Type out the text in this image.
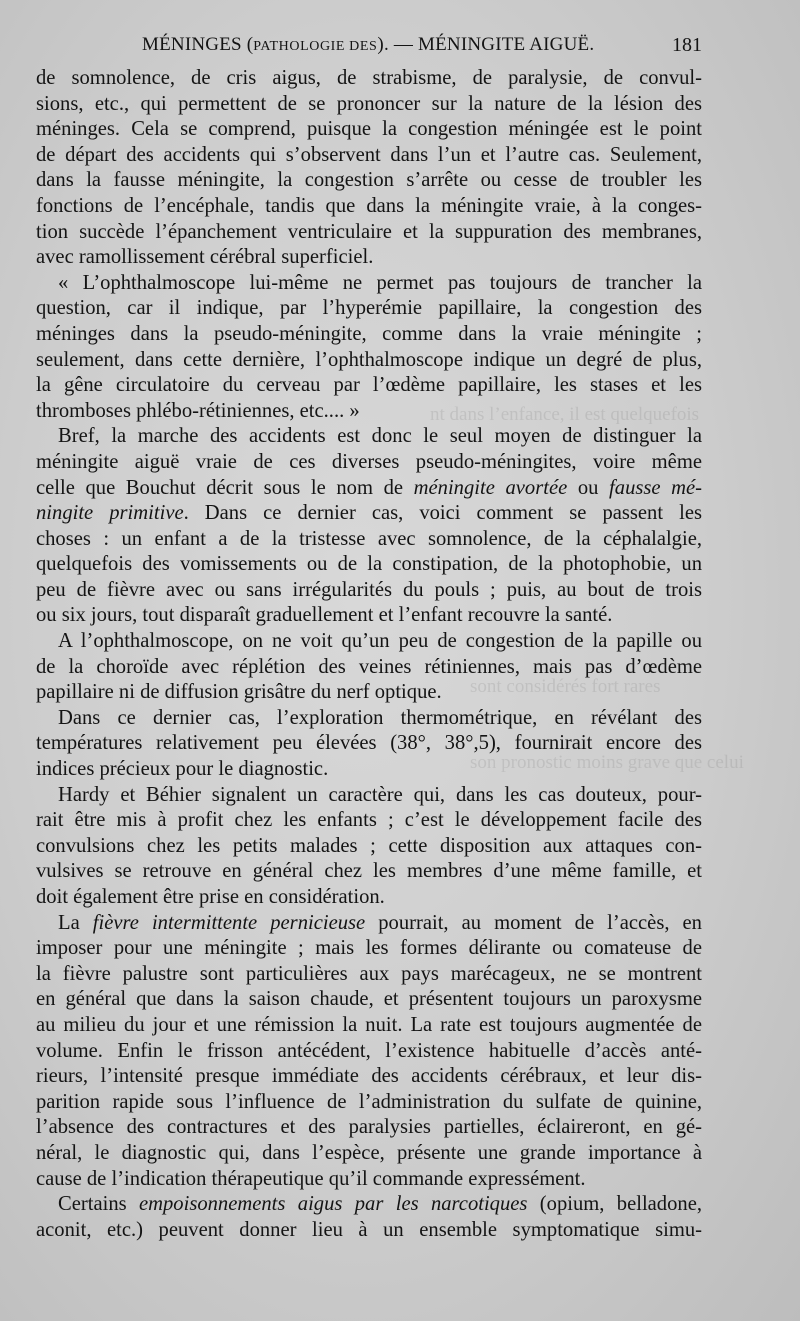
nt dans l’enfance, il est quelquefois
sont considérés fort rares
son pronostic moins grave que celui
MÉNINGES (PATHOLOGIE DES). — MÉNINGITE AIGUË.	181
de somnolence, de cris aigus, de strabisme, de paralysie, de convul-
sions, etc., qui permettent de se prononcer sur la nature de la lésion des
méninges. Cela se comprend, puisque la congestion méningée est le point
de départ des accidents qui s’observent dans l’un et l’autre cas. Seulement,
dans la fausse méningite, la congestion s’arrête ou cesse de troubler les
fonctions de l’encéphale, tandis que dans la méningite vraie, à la conges-
tion succède l’épanchement ventriculaire et la suppuration des membranes,
avec ramollissement cérébral superficiel.
« L’ophthalmoscope lui-même ne permet pas toujours de trancher la
question, car il indique, par l’hyperémie papillaire, la congestion des
méninges dans la pseudo-méningite, comme dans la vraie méningite ;
seulement, dans cette dernière, l’ophthalmoscope indique un degré de plus,
la gêne circulatoire du cerveau par l’œdème papillaire, les stases et les
thromboses phlébo-rétiniennes, etc.... »
Bref, la marche des accidents est donc le seul moyen de distinguer la
méningite aiguë vraie de ces diverses pseudo-méningites, voire même
celle que Bouchut décrit sous le nom de méningite avortée ou fausse mé-
ningite primitive. Dans ce dernier cas, voici comment se passent les
choses : un enfant a de la tristesse avec somnolence, de la céphalalgie,
quelquefois des vomissements ou de la constipation, de la photophobie, un
peu de fièvre avec ou sans irrégularités du pouls ; puis, au bout de trois
ou six jours, tout disparaît graduellement et l’enfant recouvre la santé.
A l’ophthalmoscope, on ne voit qu’un peu de congestion de la papille ou
de la choroïde avec réplétion des veines rétiniennes, mais pas d’œdème
papillaire ni de diffusion grisâtre du nerf optique.
Dans ce dernier cas, l’exploration thermométrique, en révélant des
températures relativement peu élevées (38°, 38°,5), fournirait encore des
indices précieux pour le diagnostic.
Hardy et Béhier signalent un caractère qui, dans les cas douteux, pour-
rait être mis à profit chez les enfants ; c’est le développement facile des
convulsions chez les petits malades ; cette disposition aux attaques con-
vulsives se retrouve en général chez les membres d’une même famille, et
doit également être prise en considération.
La fièvre intermittente pernicieuse pourrait, au moment de l’accès, en
imposer pour une méningite ; mais les formes délirante ou comateuse de
la fièvre palustre sont particulières aux pays marécageux, ne se montrent
en général que dans la saison chaude, et présentent toujours un paroxysme
au milieu du jour et une rémission la nuit. La rate est toujours augmentée de
volume. Enfin le frisson antécédent, l’existence habituelle d’accès anté-
rieurs, l’intensité presque immédiate des accidents cérébraux, et leur dis-
parition rapide sous l’influence de l’administration du sulfate de quinine,
l’absence des contractures et des paralysies partielles, éclaireront, en gé-
néral, le diagnostic qui, dans l’espèce, présente une grande importance à
cause de l’indication thérapeutique qu’il commande expressément.
Certains empoisonnements aigus par les narcotiques (opium, belladone,
aconit, etc.) peuvent donner lieu à un ensemble symptomatique simu-
